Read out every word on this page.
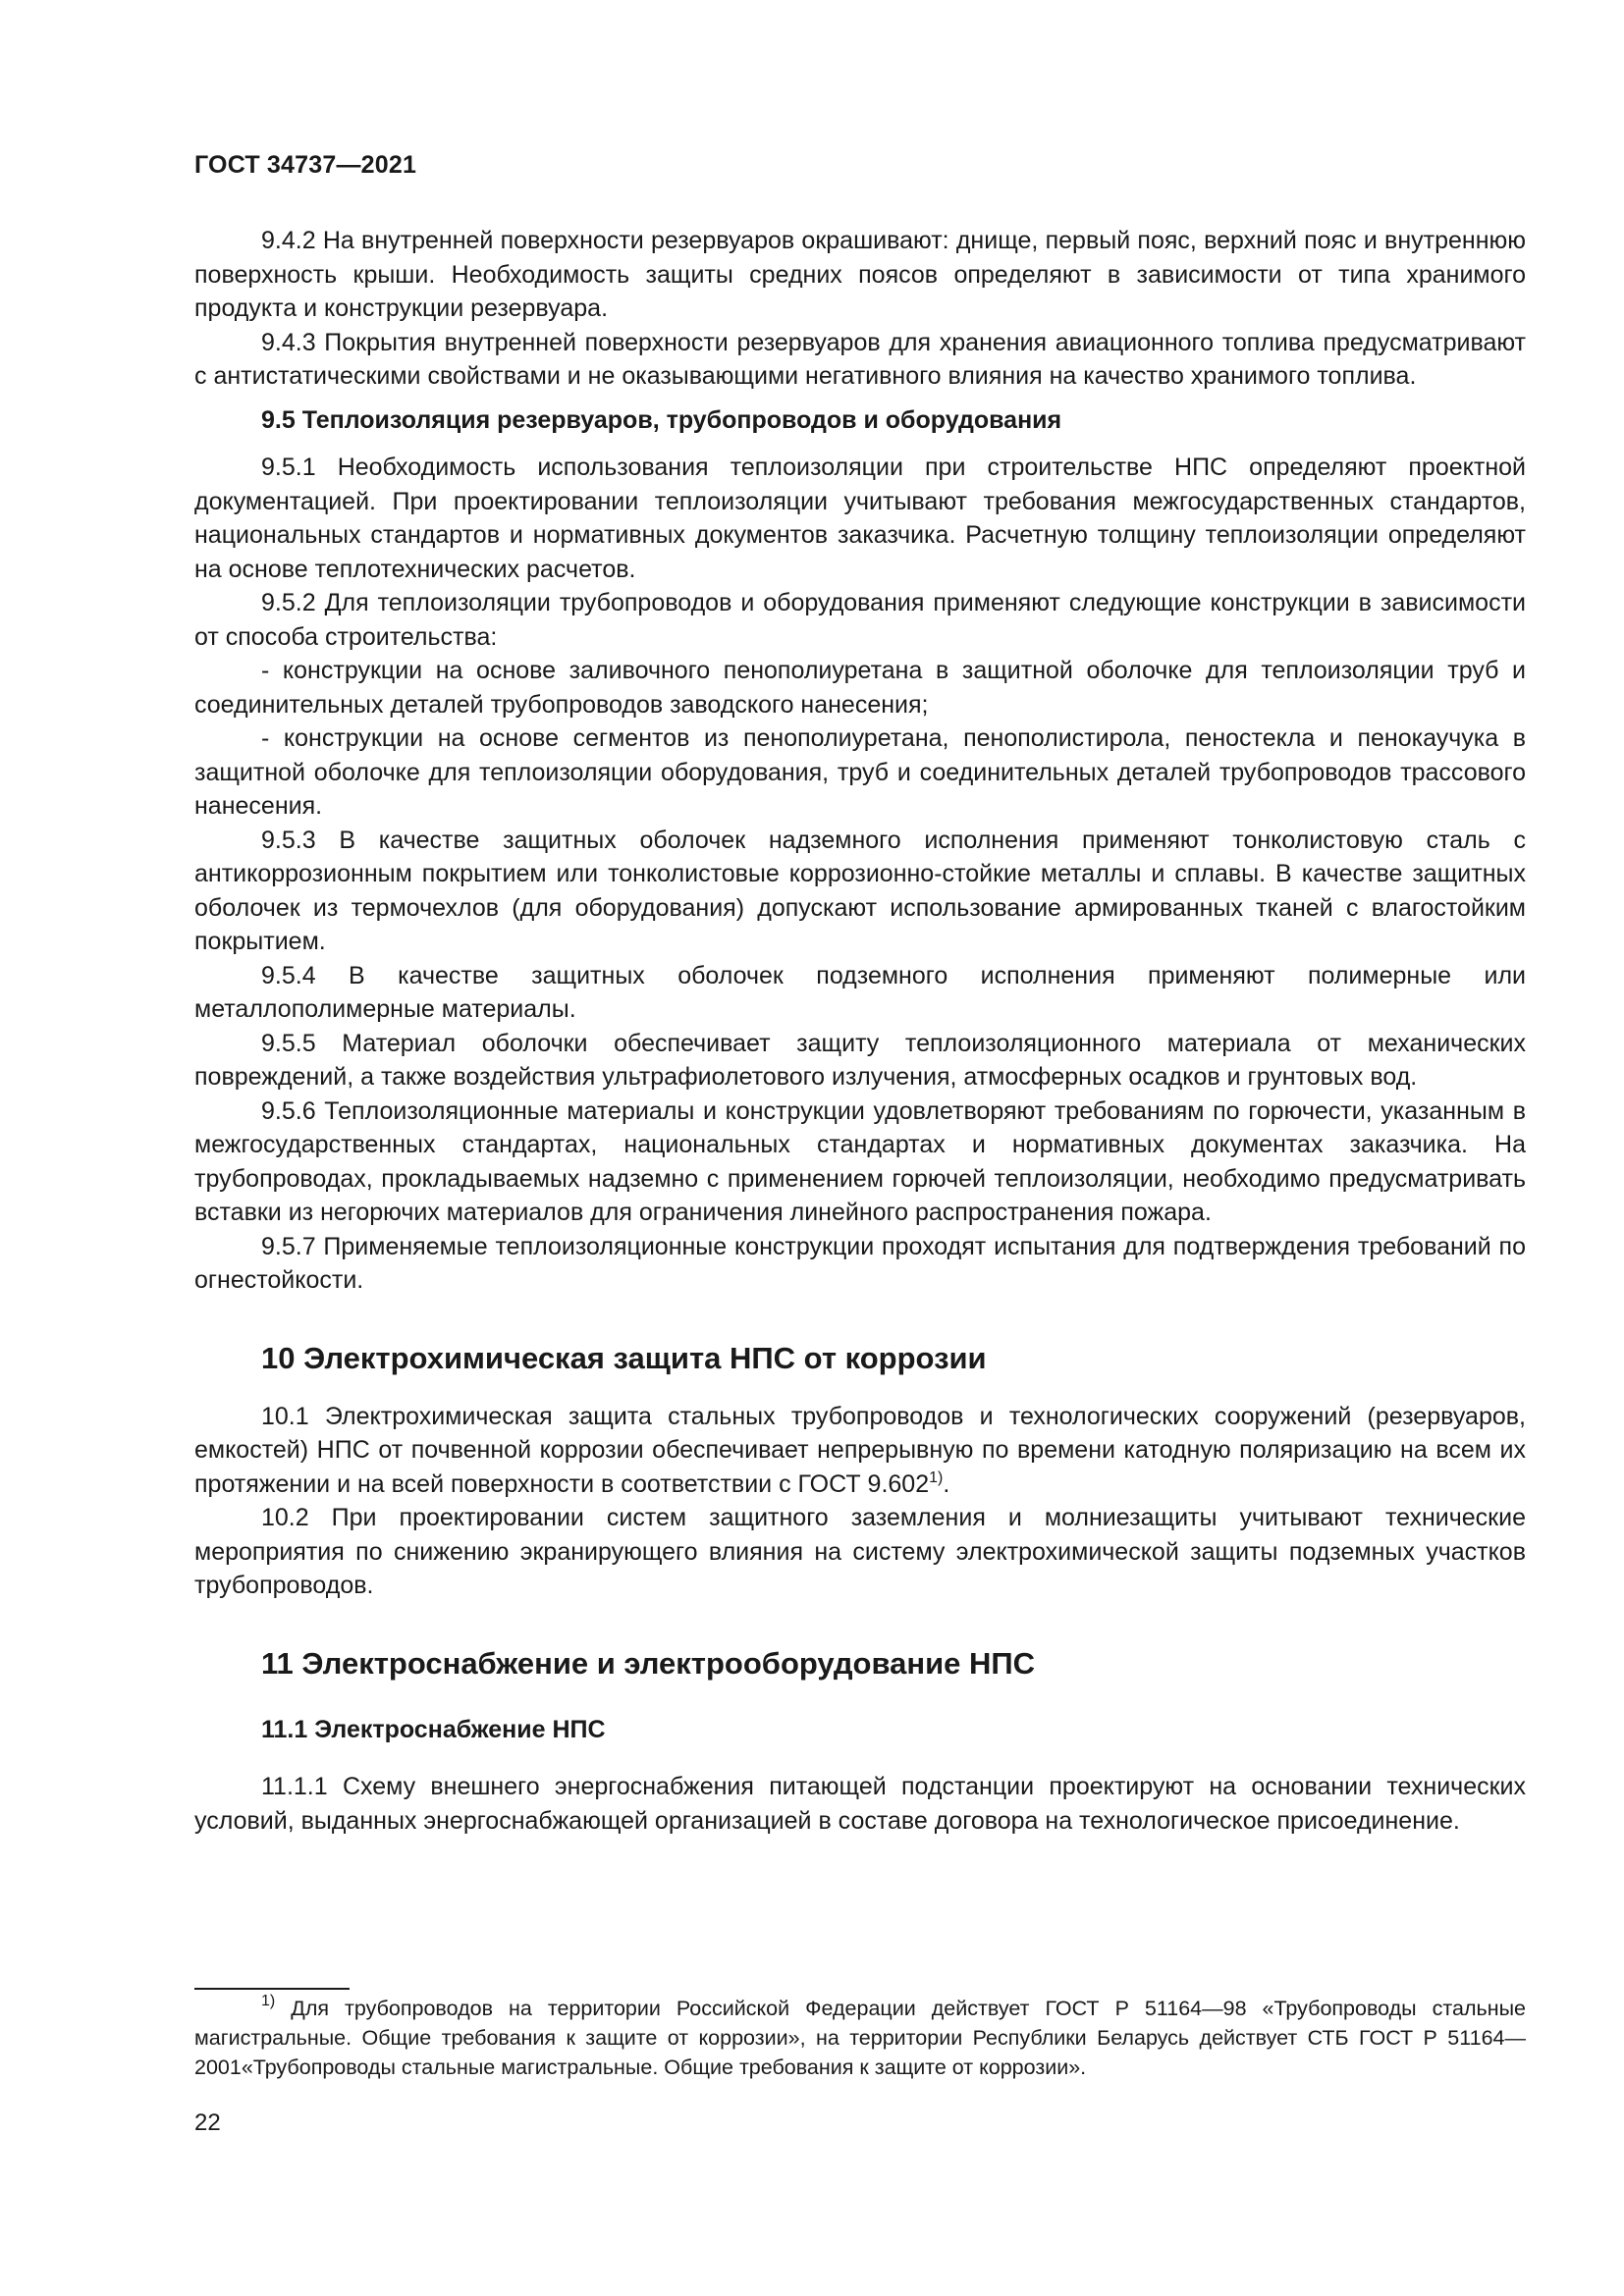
ГОСТ 34737—2021

9.4.2 На внутренней поверхности резервуаров окрашивают: днище, первый пояс, верхний пояс и внутреннюю поверхность крыши. Необходимость защиты средних поясов определяют в зависимости от типа хранимого продукта и конструкции резервуара.

9.4.3 Покрытия внутренней поверхности резервуаров для хранения авиационного топлива предусматривают с антистатическими свойствами и не оказывающими негативного влияния на качество хранимого топлива.

9.5 Теплоизоляция резервуаров, трубопроводов и оборудования

9.5.1 Необходимость использования теплоизоляции при строительстве НПС определяют проектной документацией. При проектировании теплоизоляции учитывают требования межгосударственных стандартов, национальных стандартов и нормативных документов заказчика. Расчетную толщину теплоизоляции определяют на основе теплотехнических расчетов.

9.5.2 Для теплоизоляции трубопроводов и оборудования применяют следующие конструкции в зависимости от способа строительства:

- конструкции на основе заливочного пенополиуретана в защитной оболочке для теплоизоляции труб и соединительных деталей трубопроводов заводского нанесения;

- конструкции на основе сегментов из пенополиуретана, пенополистирола, пеностекла и пенокаучука в защитной оболочке для теплоизоляции оборудования, труб и соединительных деталей трубопроводов трассового нанесения.

9.5.3 В качестве защитных оболочек надземного исполнения применяют тонколистовую сталь с антикоррозионным покрытием или тонколистовые коррозионно-стойкие металлы и сплавы. В качестве защитных оболочек из термочехлов (для оборудования) допускают использование армированных тканей с влагостойким покрытием.

9.5.4 В качестве защитных оболочек подземного исполнения применяют полимерные или металлополимерные материалы.

9.5.5 Материал оболочки обеспечивает защиту теплоизоляционного материала от механических повреждений, а также воздействия ультрафиолетового излучения, атмосферных осадков и грунтовых вод.

9.5.6 Теплоизоляционные материалы и конструкции удовлетворяют требованиям по горючести, указанным в межгосударственных стандартах, национальных стандартах и нормативных документах заказчика. На трубопроводах, прокладываемых надземно с применением горючей теплоизоляции, необходимо предусматривать вставки из негорючих материалов для ограничения линейного распространения пожара.

9.5.7 Применяемые теплоизоляционные конструкции проходят испытания для подтверждения требований по огнестойкости.

10 Электрохимическая защита НПС от коррозии

10.1 Электрохимическая защита стальных трубопроводов и технологических сооружений (резервуаров, емкостей) НПС от почвенной коррозии обеспечивает непрерывную по времени катодную поляризацию на всем их протяжении и на всей поверхности в соответствии с ГОСТ 9.602$^{1)}$.

10.2 При проектировании систем защитного заземления и молниезащиты учитывают технические мероприятия по снижению экранирующего влияния на систему электрохимической защиты подземных участков трубопроводов.

11 Электроснабжение и электрооборудование НПС
11.1 Электроснабжение НПС

11.1.1 Схему внешнего энергоснабжения питающей подстанции проектируют на основании технических условий, выданных энергоснабжающей организацией в составе договора на технологическое присоединение.

$^{1)}$ Для трубопроводов на территории Российской Федерации действует ГОСТ Р 51164—98 «Трубопроводы стальные магистральные. Общие требования к защите от коррозии», на территории Республики Беларусь действует СТБ ГОСТ Р 51164—2001«Трубопроводы стальные магистральные. Общие требования к защите от коррозии».
22
